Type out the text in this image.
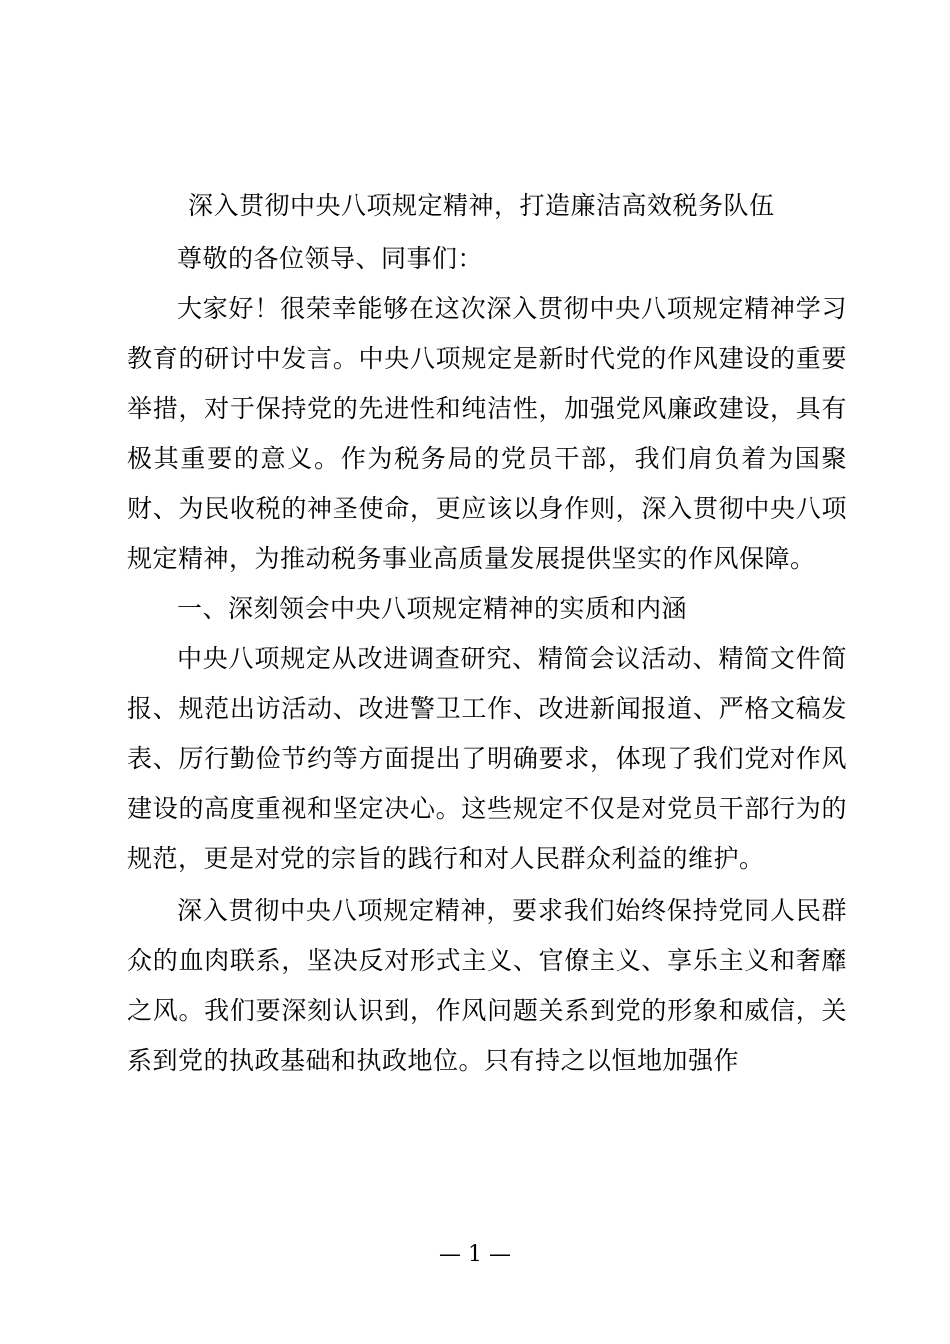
深入贯彻中央八项规定精神，打造廉洁高效税务队伍

尊敬的各位领导、同事们：

大家好！很荣幸能够在这次深入贯彻中央八项规定精神学习教育的研讨中发言。中央八项规定是新时代党的作风建设的重要举措，对于保持党的先进性和纯洁性，加强党风廉政建设，具有极其重要的意义。作为税务局的党员干部，我们肩负着为国聚财、为民收税的神圣使命，更应该以身作则，深入贯彻中央八项规定精神，为推动税务事业高质量发展提供坚实的作风保障。

一、深刻领会中央八项规定精神的实质和内涵

中央八项规定从改进调查研究、精简会议活动、精简文件简报、规范出访活动、改进警卫工作、改进新闻报道、严格文稿发表、厉行勤俭节约等方面提出了明确要求，体现了我们党对作风建设的高度重视和坚定决心。这些规定不仅是对党员干部行为的规范，更是对党的宗旨的践行和对人民群众利益的维护。

深入贯彻中央八项规定精神，要求我们始终保持党同人民群众的血肉联系，坚决反对形式主义、官僚主义、享乐主义和奢靡之风。我们要深刻认识到，作风问题关系到党的形象和威信，关系到党的执政基础和执政地位。只有持之以恒地加强作

— 1 —
